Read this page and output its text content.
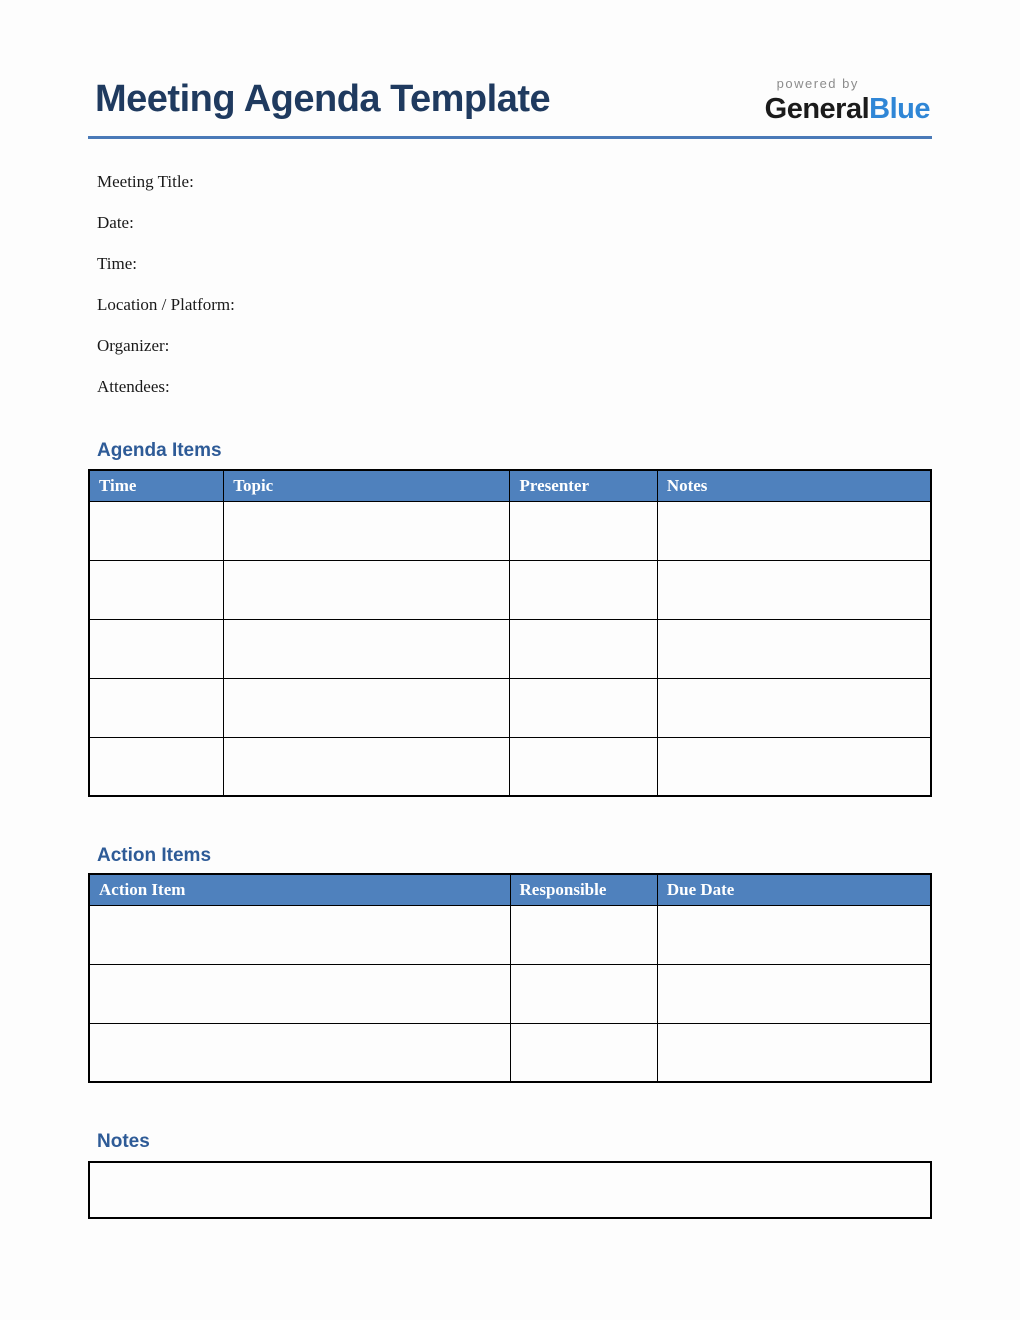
Meeting Agenda Template	powered by
GeneralBlue
Meeting Title:
Date:
Time:
Location / Platform:
Organizer:
Attendees:
Agenda Items
Time	Topic	Presenter	Notes

Action Items
Action Item	Responsible	Due Date

Notes
